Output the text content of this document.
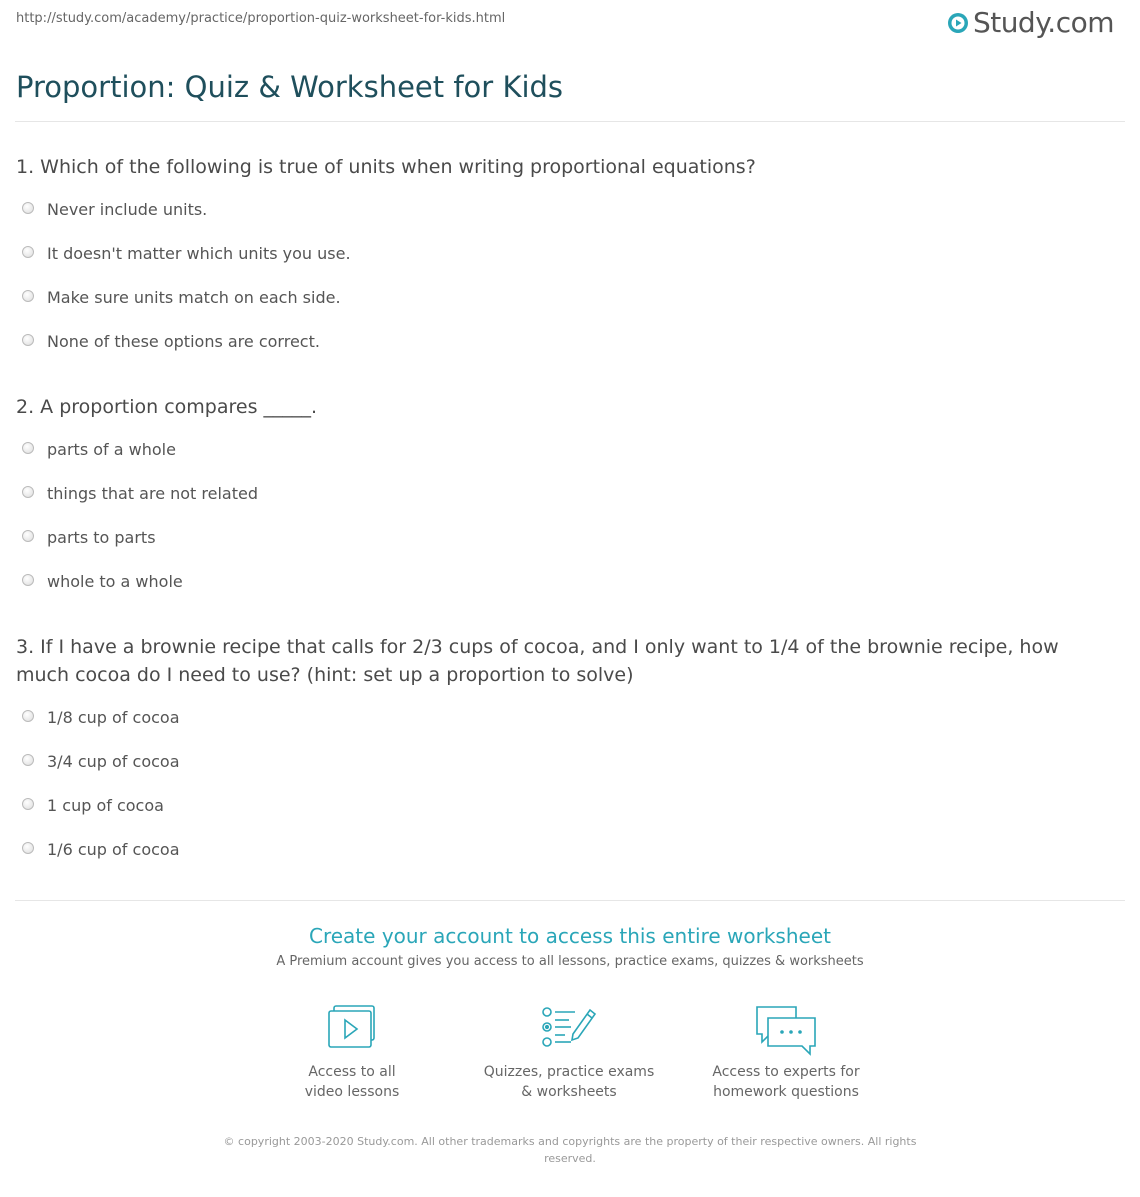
http://study.com/academy/practice/proportion-quiz-worksheet-for-kids.html	Study.com
Proportion: Quiz & Worksheet for Kids
1. Which of the following is true of units when writing proportional equations?
Never include units.
It doesn't matter which units you use.
Make sure units match on each side.
None of these options are correct.
2. A proportion compares _____.
parts of a whole
things that are not related
parts to parts
whole to a whole
3. If I have a brownie recipe that calls for 2/3 cups of cocoa, and I only want to 1/4 of the brownie recipe, how much cocoa do I need to use? (hint: set up a proportion to solve)
1/8 cup of cocoa
3/4 cup of cocoa
1 cup of cocoa
1/6 cup of cocoa
Create your account to access this entire worksheet
A Premium account gives you access to all lessons, practice exams, quizzes & worksheets
Access to all
video lessons
Quizzes, practice exams
& worksheets
Access to experts for
homework questions
© copyright 2003-2020 Study.com. All other trademarks and copyrights are the property of their respective owners. All rights reserved.
